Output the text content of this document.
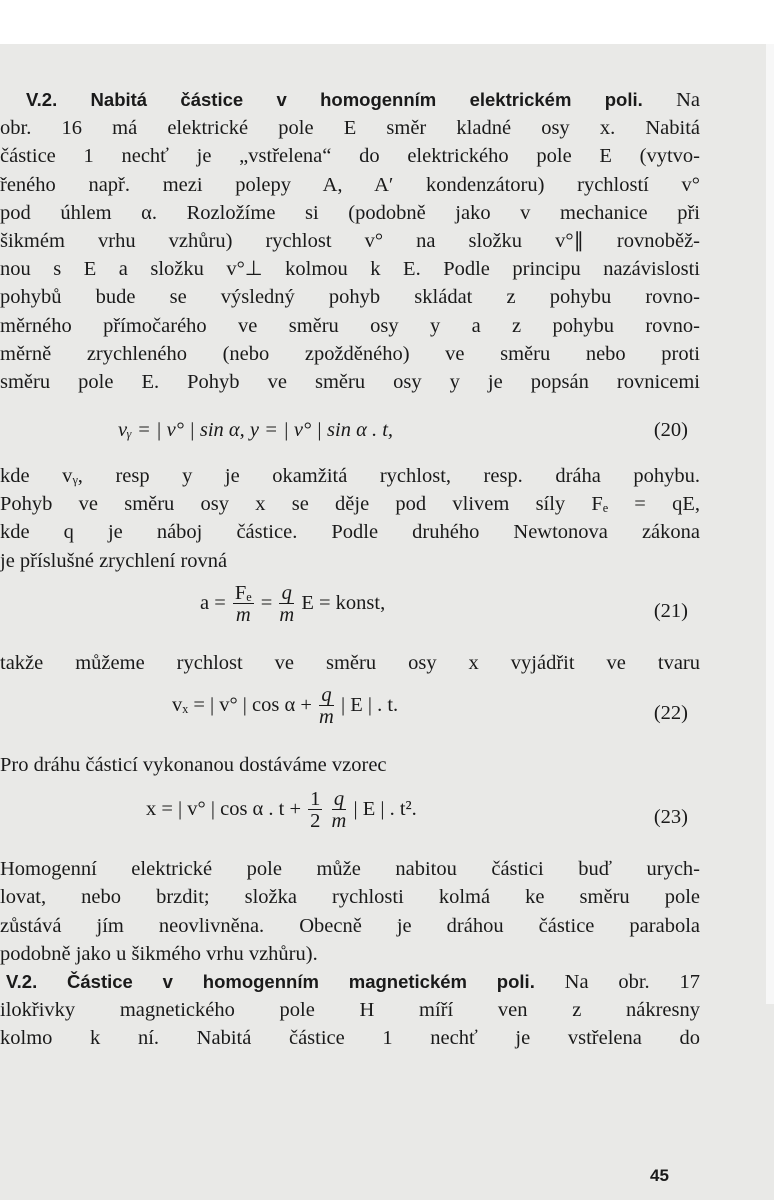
V.2. Nabitá částice v homogenním elektrickém poli. Na
obr. 16 má elektrické pole E směr kladné osy x. Nabitá
částice 1 nechť je „vstřelena“ do elektrického pole E (vytvo-
řeného např. mezi polepy A, A′ kondenzátoru) rychlostí v°
pod úhlem α. Rozložíme si (podobně jako v mechanice při
šikmém vrhu vzhůru) rychlost v° na složku v°∥ rovnoběž-
nou s E a složku v°⊥ kolmou k E. Podle principu nazávislosti
pohybů bude se výsledný pohyb skládat z pohybu rovno-
měrného přímočarého ve směru osy y a z pohybu rovno-
měrně zrychleného (nebo zpožděného) ve směru nebo proti
směru pole E. Pohyb ve směru osy y je popsán rovnicemi
vᵧ = | v° | sin α, y = | v° | sin α . t,	(20)
kde vᵧ, resp y je okamžitá rychlost, resp. dráha pohybu.
Pohyb ve směru osy x se děje pod vlivem síly Fₑ = qE,
kde q je náboj částice. Podle druhého Newtonova zákona
je příslušné zrychlení rovná
$a = \frac{\text{Fₑ}}{m} = \frac{q}{m}$ E = konst,	(21)
takže můžeme rychlost ve směru osy x vyjádřit ve tvaru
vₓ = | v° | $\cos \alpha + \frac{q}{m}$ | E | . t.	(22)
Pro dráhu částicí vykonanou dostáváme vzorec
x = | v° | cos α . $t + \frac{1}{2}$
$\frac{q}{m}$ | E | . t².	(23)
Homogenní elektrické pole může nabitou částici buď urych-
lovat, nebo brzdit; složka rychlosti kolmá ke směru pole
zůstává jím neovlivněna. Obecně je dráhou částice parabola
podobně jako u šikmého vrhu vzhůru).
V.2. Částice v homogenním magnetickém poli. Na obr. 17
ilokřivky magnetického pole H míří ven z nákresny
kolmo k ní. Nabitá částice 1 nechť je vstřelena do
45
